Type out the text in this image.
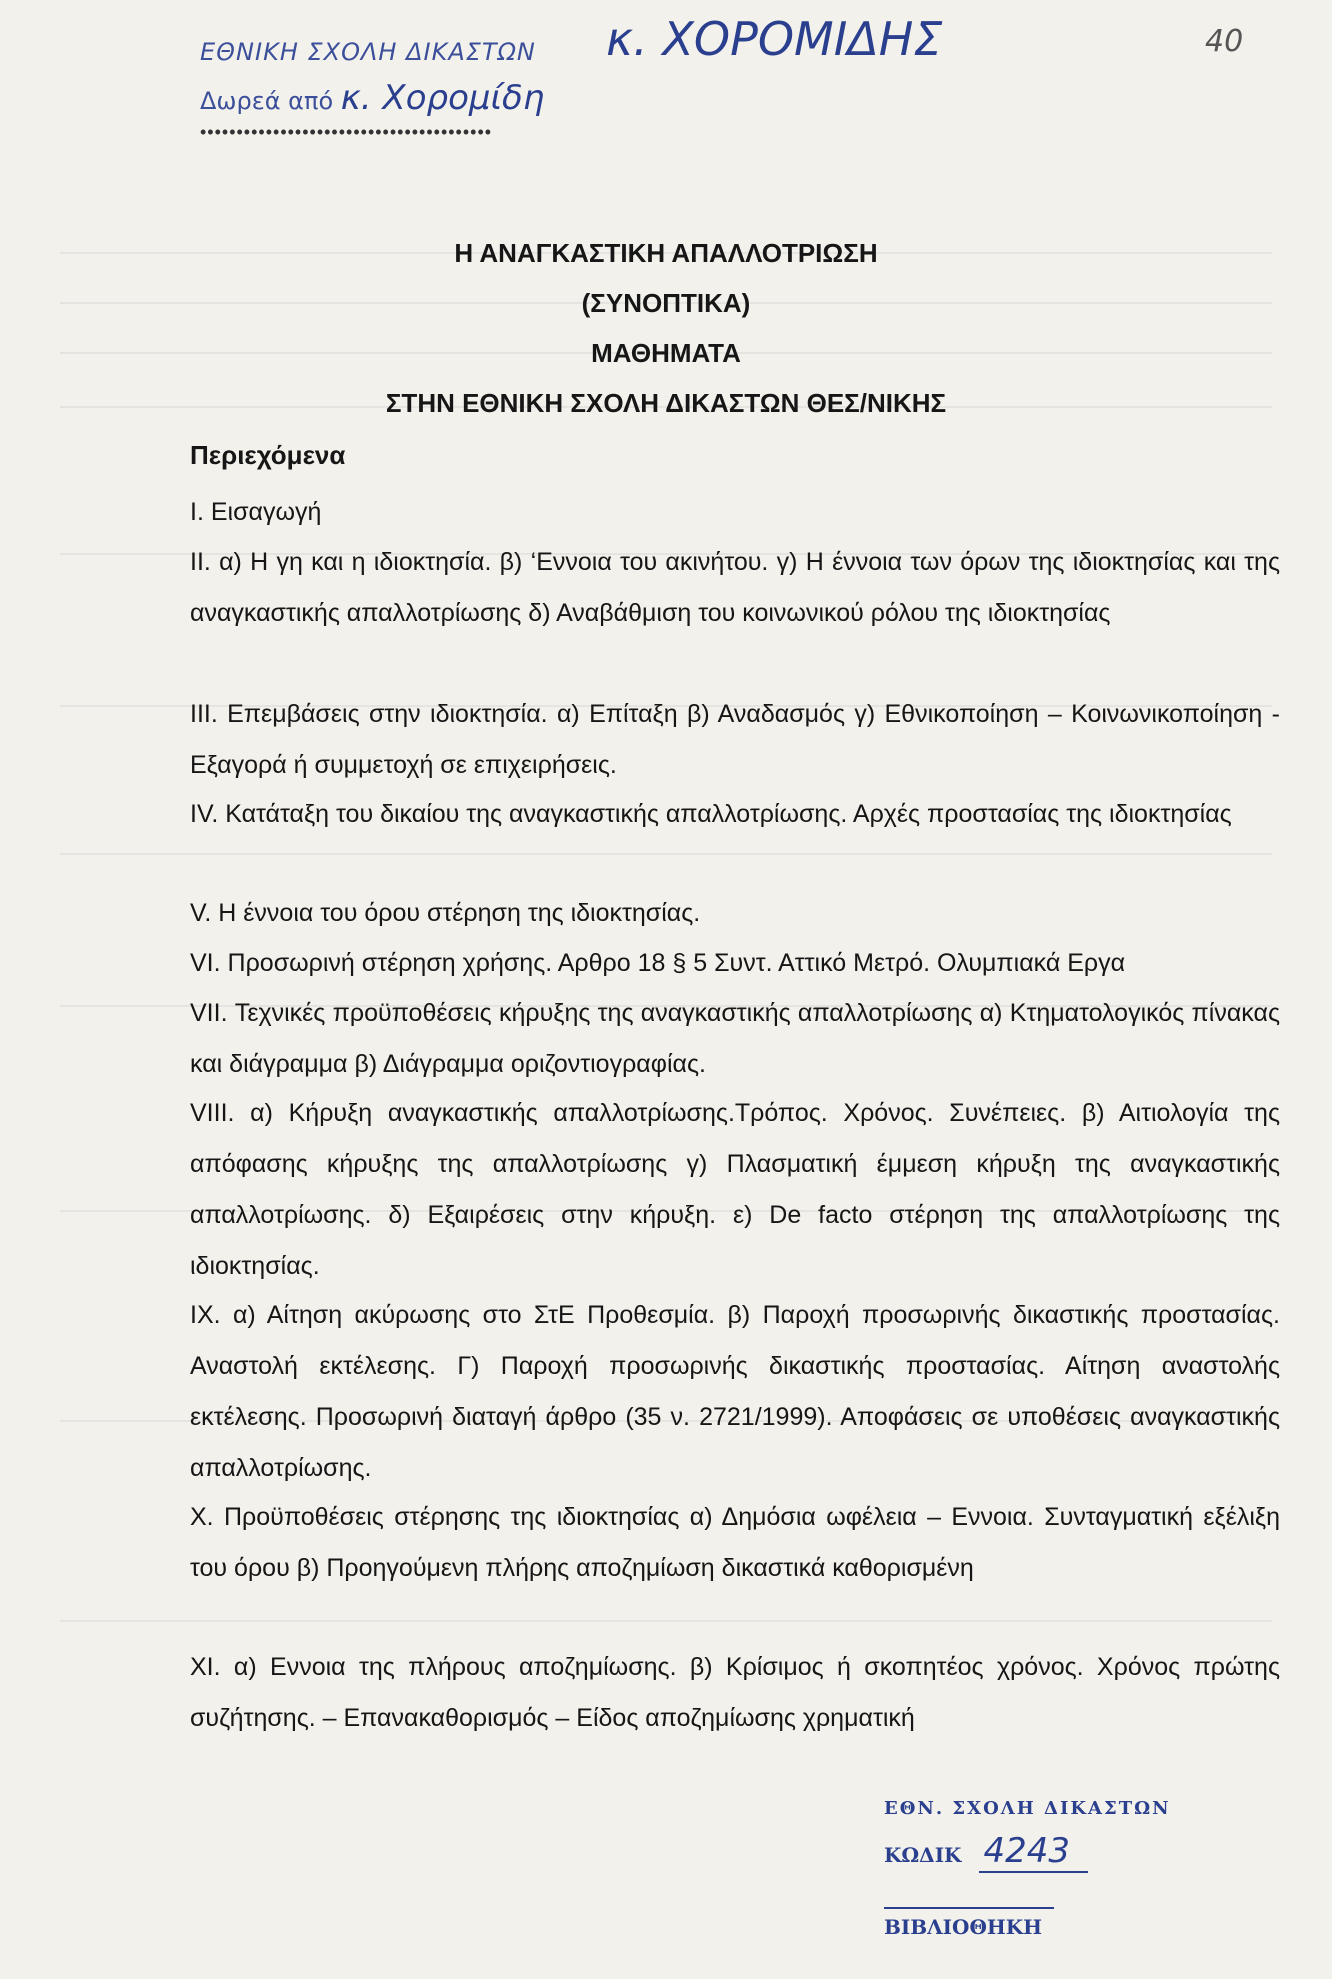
ΕΘΝΙΚΗ ΣΧΟΛΗ ΔΙΚΑΣΤΩΝ
Δωρεά από κ. Χορομίδη
••••••••••••••••••••••••••••••••••••••••
κ. ΧΟΡΟΜΙΔΗΣ	40
Η ΑΝΑΓΚΑΣΤΙΚΗ ΑΠΑΛΛΟΤΡΙΩΣΗ
(ΣΥΝΟΠΤΙΚΑ)
ΜΑΘΗΜΑΤΑ
ΣΤΗΝ ΕΘΝΙΚΗ ΣΧΟΛΗ ΔΙΚΑΣΤΩΝ ΘΕΣ/ΝΙΚΗΣ
Περιεχόμενα
Ι. Εισαγωγή
ΙΙ. α) Η γη και η ιδιοκτησία. β) ‘Εννοια του ακινήτου. γ) Η έννοια των όρων της ιδιοκτησίας και της αναγκαστικής απαλλοτρίωσης δ) Αναβάθμιση του κοινωνικού ρόλου της ιδιοκτησίας
ΙΙΙ. Επεμβάσεις στην ιδιοκτησία. α) Επίταξη β) Αναδασμός γ) Εθνικοποίηση – Κοινωνικοποίηση - Εξαγορά ή συμμετοχή σε επιχειρήσεις.
IV. Κατάταξη του δικαίου της αναγκαστικής απαλλοτρίωσης. Αρχές προστασίας της ιδιοκτησίας
V. Η έννοια του όρου στέρηση της ιδιοκτησίας.
VI. Προσωρινή στέρηση χρήσης. Αρθρο 18 § 5 Συντ. Αττικό Μετρό. Ολυμπιακά Εργα
VII. Τεχνικές προϋποθέσεις κήρυξης της αναγκαστικής απαλλοτρίωσης α) Κτηματολογικός πίνακας και διάγραμμα β) Διάγραμμα οριζοντιογραφίας.
VIII. α) Κήρυξη αναγκαστικής απαλλοτρίωσης.Τρόπος. Χρόνος. Συνέπειες. β) Αιτιολογία της απόφασης κήρυξης της απαλλοτρίωσης γ) Πλασματική έμμεση κήρυξη της αναγκαστικής απαλλοτρίωσης. δ) Εξαιρέσεις στην κήρυξη. ε) De facto στέρηση της απαλλοτρίωσης της ιδιοκτησίας.
IX. α) Αίτηση ακύρωσης στο ΣτΕ Προθεσμία. β) Παροχή προσωρινής δικαστικής προστασίας. Αναστολή εκτέλεσης. Γ) Παροχή προσωρινής δικαστικής προστασίας. Αίτηση αναστολής εκτέλεσης. Προσωρινή διαταγή άρθρο (35 ν. 2721/1999). Αποφάσεις σε υποθέσεις αναγκαστικής απαλλοτρίωσης.
Χ. Προϋποθέσεις στέρησης της ιδιοκτησίας α) Δημόσια ωφέλεια – Εννοια. Συνταγματική εξέλιξη του όρου β) Προηγούμενη πλήρης αποζημίωση δικαστικά καθορισμένη
ΧΙ. α) Εννοια της πλήρους αποζημίωσης. β) Κρίσιμος ή σκοπητέος χρόνος. Χρόνος πρώτης συζήτησης. – Επανακαθορισμός – Είδος αποζημίωσης χρηματική
ΕΘΝ. ΣΧΟΛΗ ΔΙΚΑΣΤΩΝ
ΚΩΔΙΚ 4243
ΒΙΒΛΙΟΘΗΚΗ
